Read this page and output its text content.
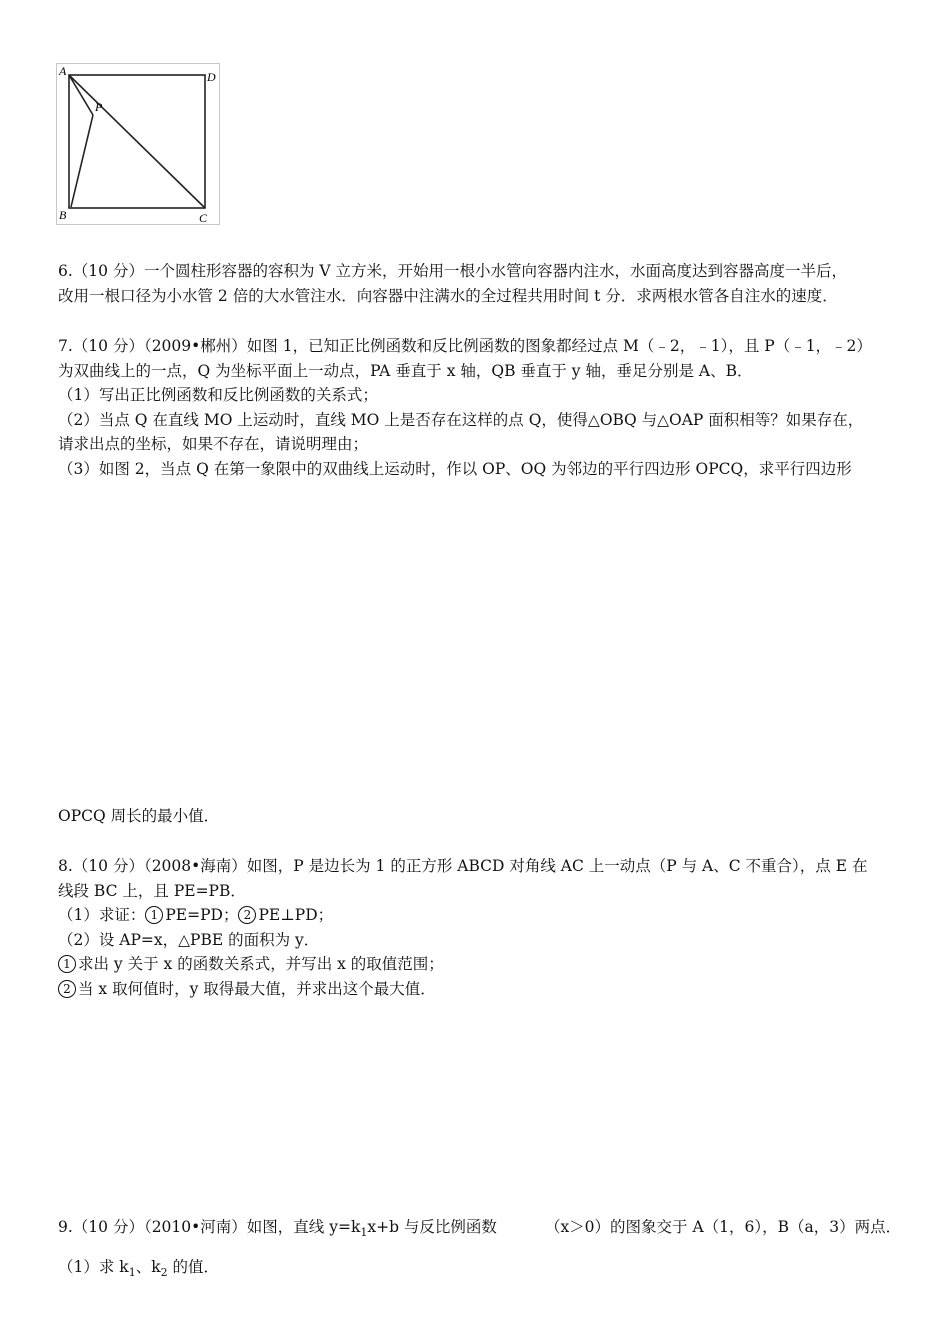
A	D
B	C
P
6.（10 分）一个圆柱形容器的容积为 V 立方米，开始用一根小水管向容器内注水，水面高度达到容器高度一半后，
改用一根口径为小水管 2 倍的大水管注水．向容器中注满水的全过程共用时间 t 分．求两根水管各自注水的速度．
7.（10 分）（2009•郴州）如图 1，已知正比例函数和反比例函数的图象都经过点 M（﹣2，﹣1），且 P（﹣1，﹣2）
为双曲线上的一点，Q 为坐标平面上一动点，PA 垂直于 x 轴，QB 垂直于 y 轴，垂足分别是 A、B．
（1）写出正比例函数和反比例函数的关系式；
（2）当点 Q 在直线 MO 上运动时，直线 MO 上是否存在这样的点 Q，使得△OBQ 与△OAP 面积相等？如果存在，
请求出点的坐标，如果不存在，请说明理由；
（3）如图 2，当点 Q 在第一象限中的双曲线上运动时，作以 OP、OQ 为邻边的平行四边形 OPCQ，求平行四边形
OPCQ 周长的最小值．
8.（10 分）（2008•海南）如图，P 是边长为 1 的正方形 ABCD 对角线 AC 上一动点（P 与 A、C 不重合），点 E 在
线段 BC 上，且 PE=PB．
（1）求证： 1 PE=PD； 2 PE⊥PD；
（2）设 AP=x，△PBE 的面积为 y．
1 求出 y 关于 x 的函数关系式，并写出 x 的取值范围；
2 当 x 取何值时，y 取得最大值，并求出这个最大值．
9.（10 分）（2010•河南）如图，直线 $y=k_1x+b$ 与反比例函数	（x＞0）的图象交于 A（1，6），B（a，3）两点．
（1）求 $k_1$、$k_2$ 的值．
